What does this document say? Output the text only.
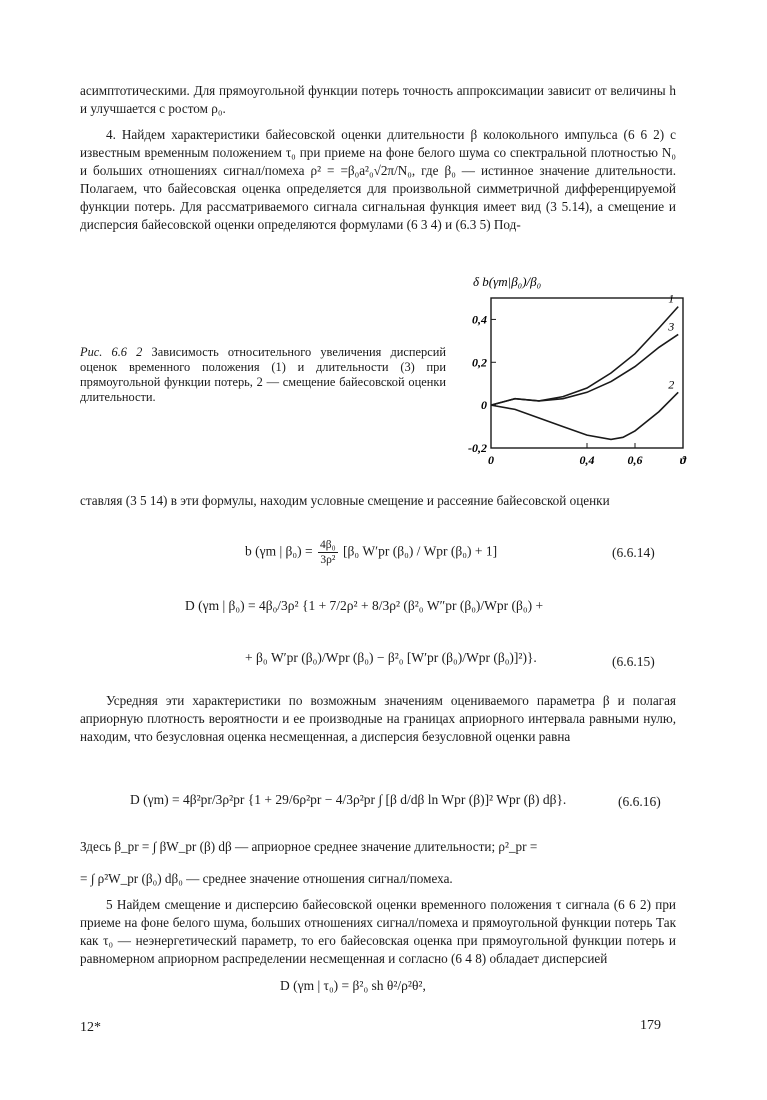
асимптотическими. Для прямоугольной функции потерь точность аппроксимации зависит от величины h и улучшается с ростом ρ₀.

4. Найдем характеристики байесовской оценки длительности β колокольного импульса (6 6 2) с известным временным положением τ₀ при приеме на фоне белого шума со спектральной плотностью N₀ и больших отношениях сигнал/помеха ρ² = =β₀a²₀√2π/N₀, где β₀ — истинное значение длительности. Полагаем, что байесовская оценка определяется для произвольной симметричной дифференцируемой функции потерь. Для рассматриваемого сигнала сигнальная функция имеет вид (3 5.14), а смещение и дисперсия байесовской оценки определяются формулами (6 3 4) и (6.3 5) Под-

Рис. 6.6 2 Зависимость относительного увеличения дисперсий оценок временного положения (1) и длительности (3) при прямоугольной функции потерь, 2 — смещение байесовской оценки длительности.

δ b(γm|β₀)/β₀
0,4
0,2
0
-0,2
0	0,4	0,6	ϑ
1
3
2

ставляя (3 5 14) в эти формулы, находим условные смещение и рассеяние байесовской оценки

b (γm | $\beta_0) = \frac{\text{4β₀}}{\text{3ρ²}} [\beta_0$ W′pr (β₀) / Wpr (β₀) + 1]	(6.6.14)
D (γm | β₀) = 4β₀/3ρ² {1 + 7/2ρ² + 8/3ρ² (β²₀ W″pr (β₀)/Wpr (β₀) +
+ β₀ W′pr (β₀)/Wpr (β₀) − β²₀ [W′pr (β₀)/Wpr (β₀)]²)}.	(6.6.15)

Усредняя эти характеристики по возможным значениям оцениваемого параметра β и полагая априорную плотность вероятности и ее производные на границах априорного интервала равными нулю, находим, что безусловная оценка несмещенная, а дисперсия безусловной оценки равна

D (γm) = 4β²pr/3ρ²pr {1 + 29/6ρ²pr − 4/3ρ²pr ∫ [β d/dβ ln Wpr (β)]² Wpr (β) dβ}.	(6.6.16)

Здесь β_pr = ∫ βW_pr (β) dβ — априорное среднее значение длительности; ρ²_pr =

= ∫ ρ²W_pr (β₀) dβ₀ — среднее значение отношения сигнал/помеха.

5 Найдем смещение и дисперсию байесовской оценки временного положения τ сигнала (6 6 2) при приеме на фоне белого шума, больших отношениях сигнал/помеха и прямоугольной функции потерь Так как τ₀ — неэнергетический параметр, то его байесовская оценка при прямоугольной функции потерь и равномерном априорном распределении несмещенная и согласно (6 4 8) обладает дисперсией

D (γm | τ₀) = β²₀ sh θ²/ρ²θ²,
12*	179
